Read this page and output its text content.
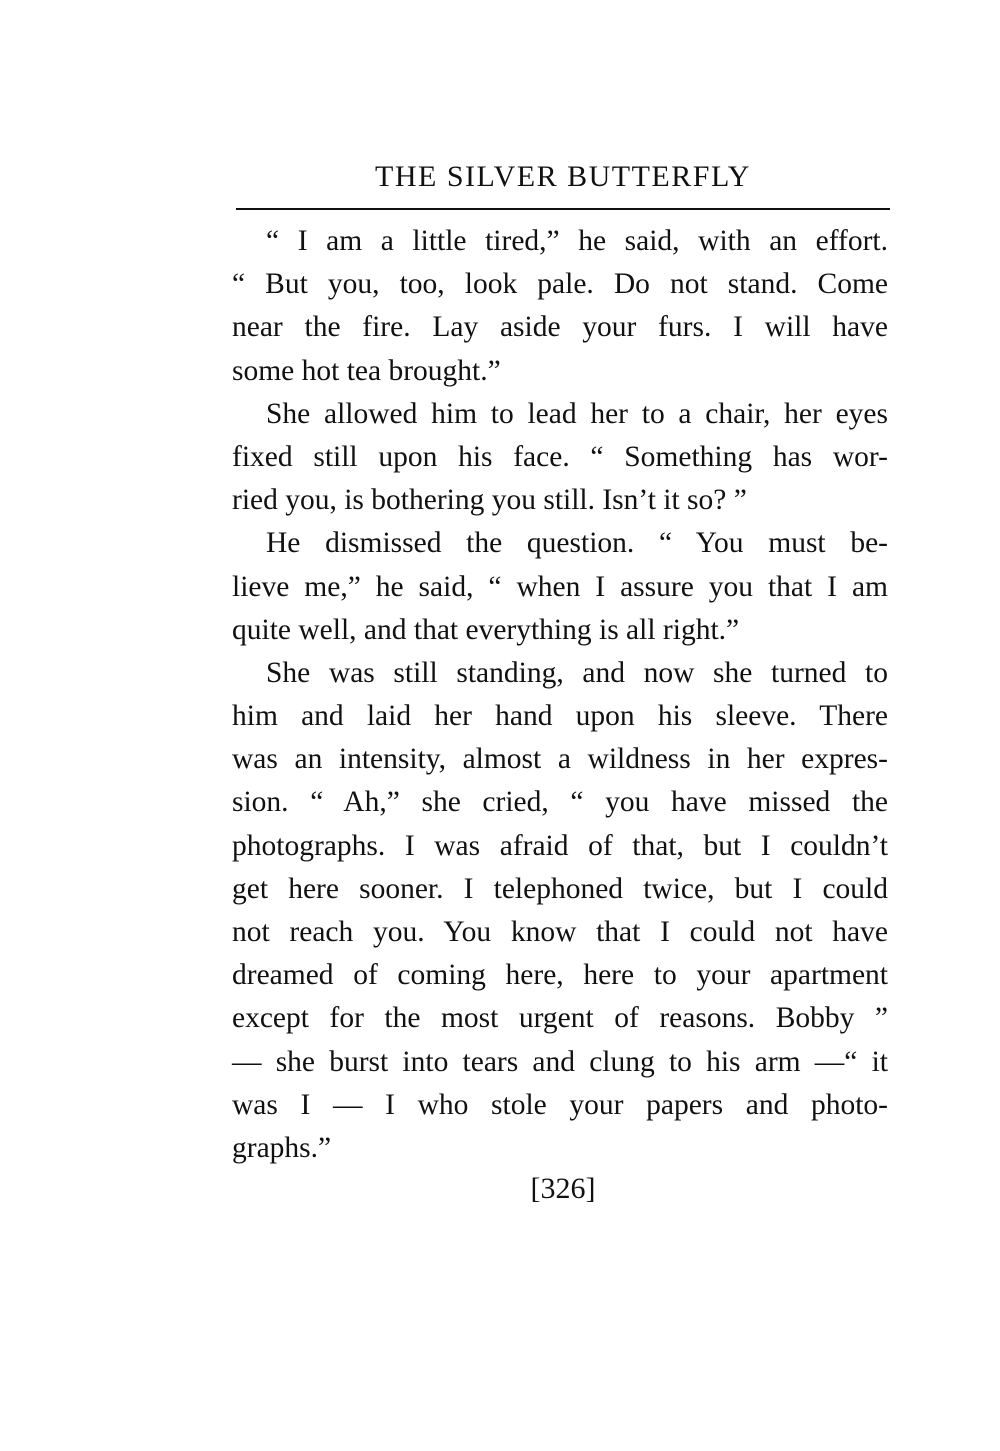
THE SILVER BUTTERFLY
“ I am a little tired,” he said, with an effort.
“ But you, too, look pale. Do not stand. Come
near the fire. Lay aside your furs. I will have
some hot tea brought.”
She allowed him to lead her to a chair, her eyes
fixed still upon his face. “ Something has wor-
ried you, is bothering you still. Isn’t it so? ”
He dismissed the question. “ You must be-
lieve me,” he said, “ when I assure you that I am
quite well, and that everything is all right.”
She was still standing, and now she turned to
him and laid her hand upon his sleeve. There
was an intensity, almost a wildness in her expres-
sion. “ Ah,” she cried, “ you have missed the
photographs. I was afraid of that, but I couldn’t
get here sooner. I telephoned twice, but I could
not reach you. You know that I could not have
dreamed of coming here, here to your apartment
except for the most urgent of reasons. Bobby ”
— she burst into tears and clung to his arm —“ it
was I — I who stole your papers and photo-
graphs.”
[326]
